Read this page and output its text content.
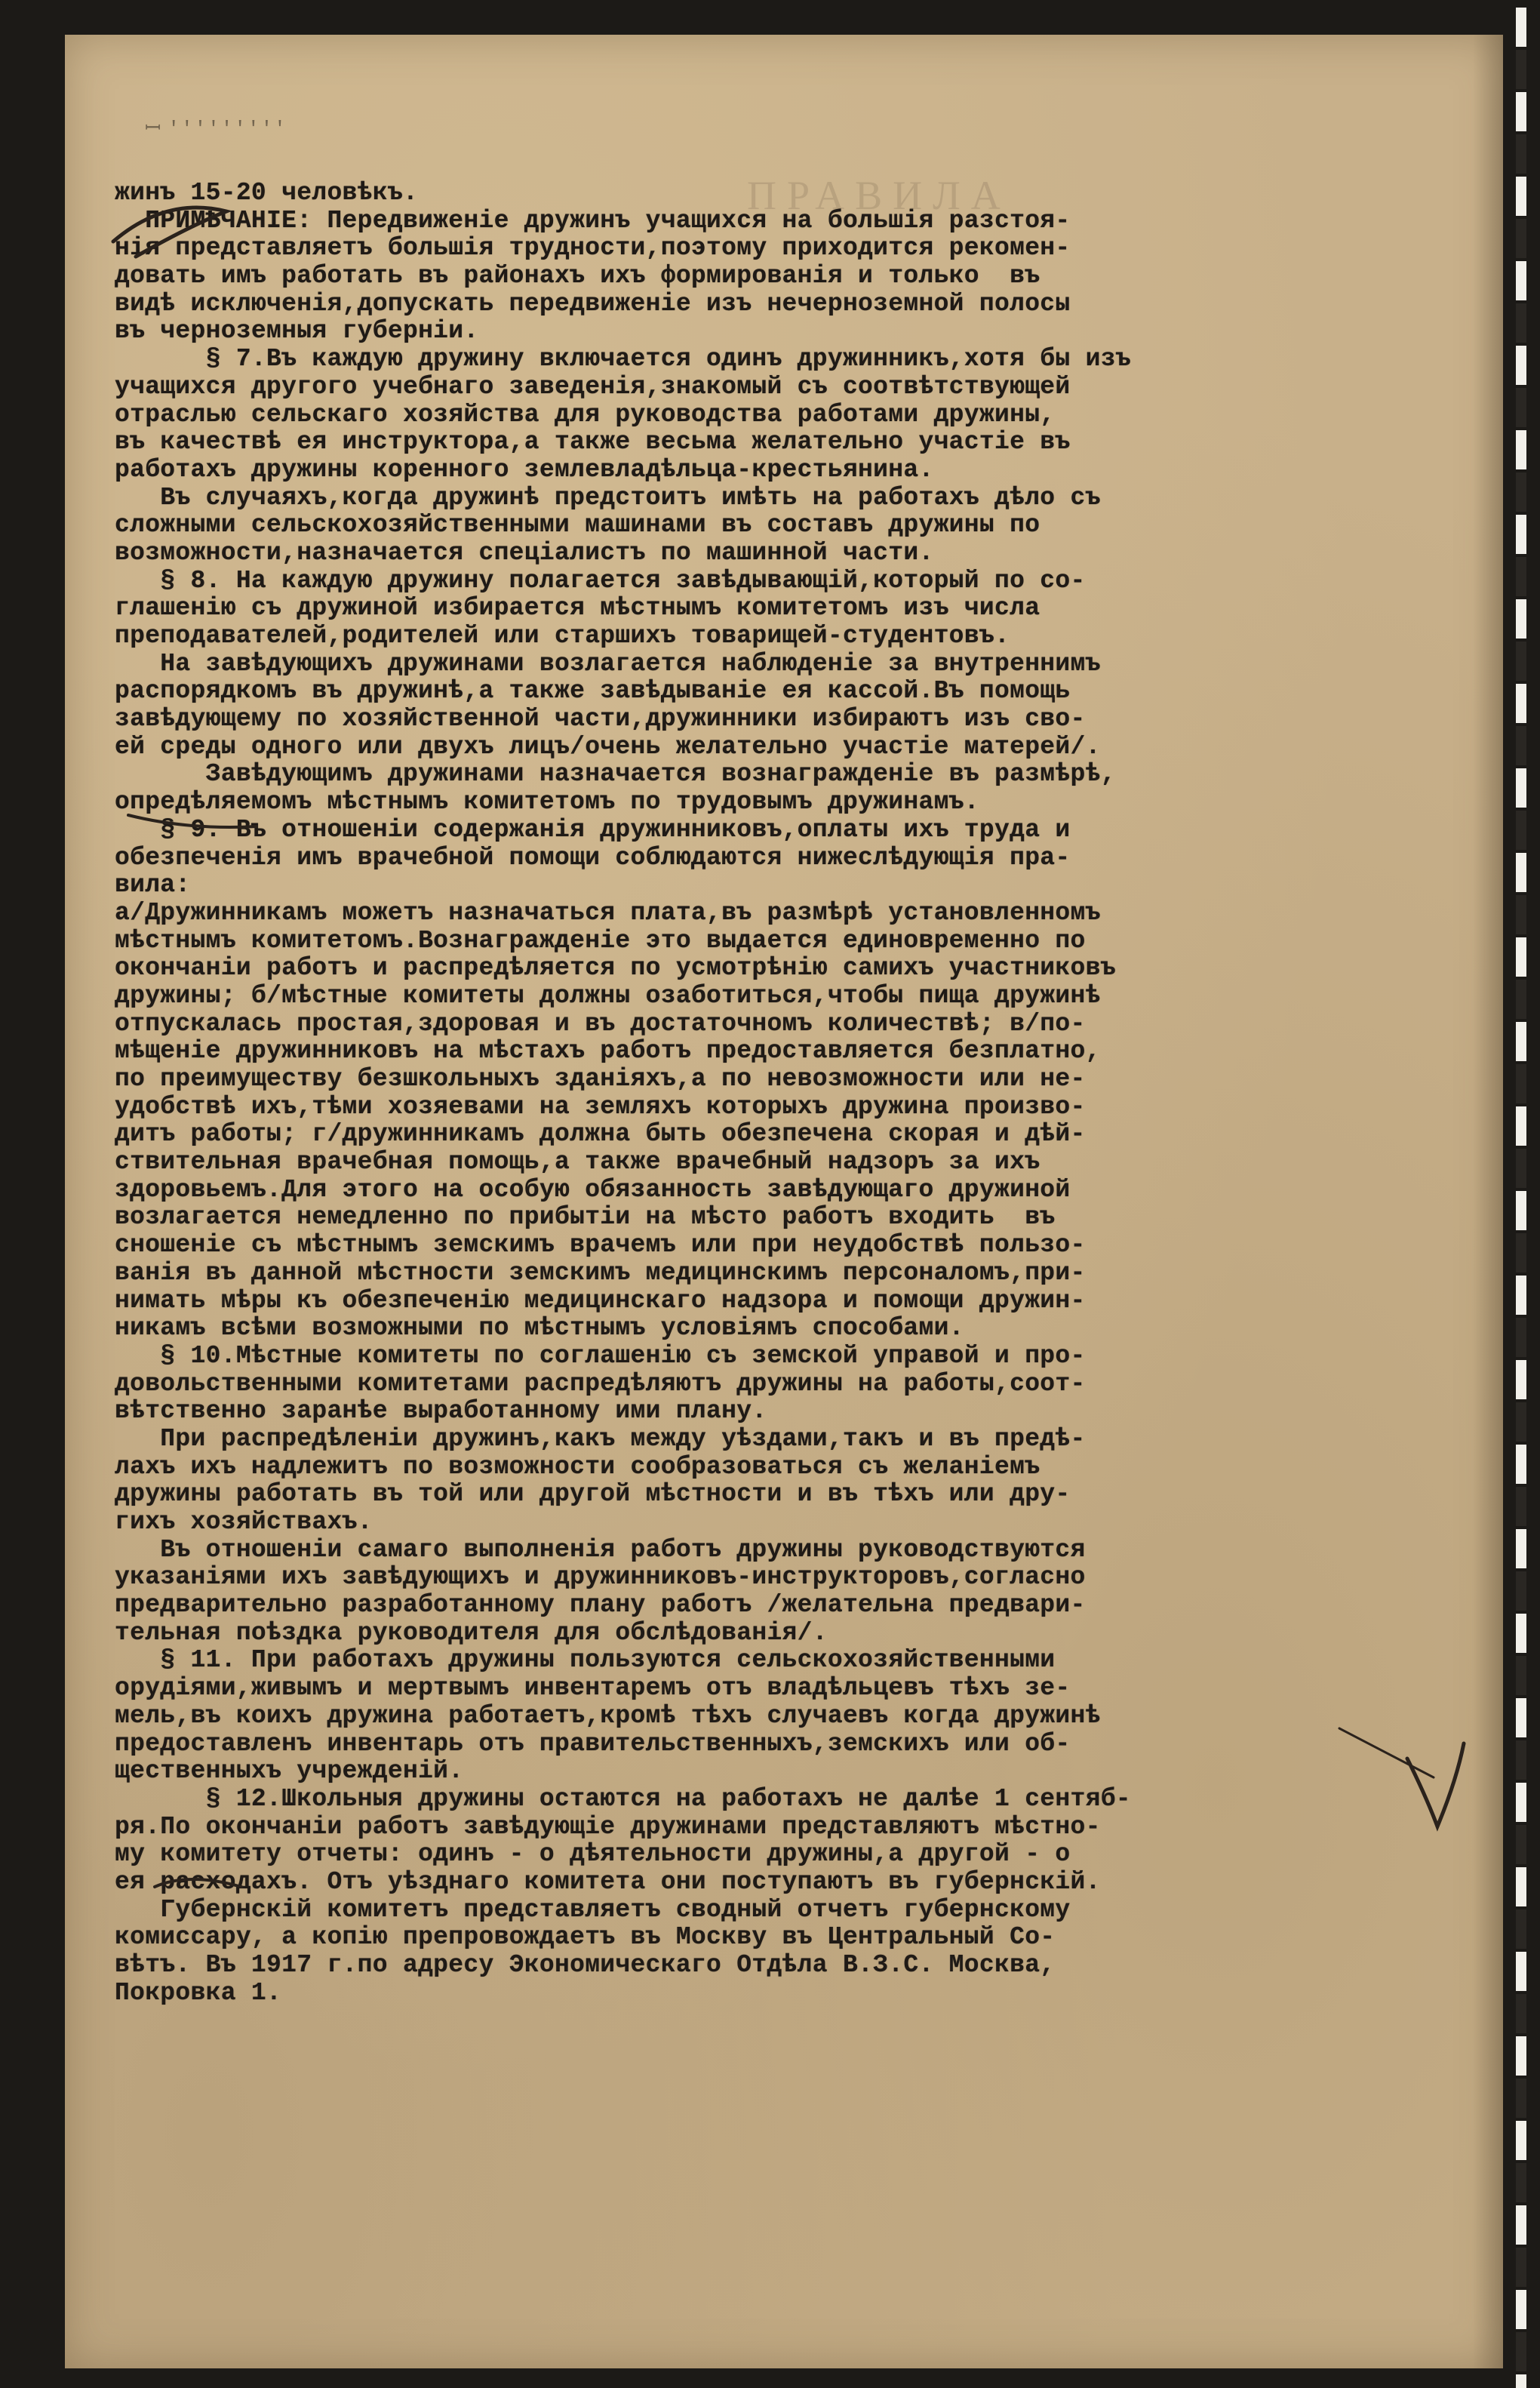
ꟷ​ '''''''''
ПРАВИЛА
жинъ 15-20 человѣкъ.
ПРИМѢЧАНІЕ: Передвиженіе дружинъ учащихся на большія разстоя-
нія представляетъ большія трудности,поэтому приходится рекомен-
довать имъ работать въ районахъ ихъ формированія и только  въ
видѣ исключенія,допускать передвиженіе изъ нечерноземной полосы
въ черноземныя губерніи.
§ 7.Въ каждую дружину включается одинъ дружинникъ,хотя бы изъ
учащихся другого учебнаго заведенія,знакомый съ соотвѣтствующей
отраслью сельскаго хозяйства для руководства работами дружины,
въ качествѣ ея инструктора,а также весьма желательно участіе въ
работахъ дружины коренного землевладѣльца-крестьянина.
Въ случаяхъ,когда дружинѣ предстоитъ имѣть на работахъ дѣло съ
сложными сельскохозяйственными машинами въ составъ дружины по
возможности,назначается спеціалистъ по машинной части.
§ 8. На каждую дружину полагается завѣдывающій,который по со-
глашенію съ дружиной избирается мѣстнымъ комитетомъ изъ числа
преподавателей,родителей или старшихъ товарищей-студентовъ.
На завѣдующихъ дружинами возлагается наблюденіе за внутреннимъ
распорядкомъ въ дружинѣ,а также завѣдываніе ея кассой.Въ помощь
завѣдующему по хозяйственной части,дружинники избираютъ изъ сво-
ей среды одного или двухъ лицъ/очень желательно участіе матерей/.
Завѣдующимъ дружинами назначается вознагражденіе въ размѣрѣ,
опредѣляемомъ мѣстнымъ комитетомъ по трудовымъ дружинамъ.
§ 9. Въ отношеніи содержанія дружинниковъ,оплаты ихъ труда и
обезпеченія имъ врачебной помощи соблюдаются нижеслѣдующія пра-
вила:
а/Дружинникамъ можетъ назначаться плата,въ размѣрѣ установленномъ
мѣстнымъ комитетомъ.Вознагражденіе это выдается единовременно по
окончаніи работъ и распредѣляется по усмотрѣнію самихъ участниковъ
дружины; б/мѣстные комитеты должны озаботиться,чтобы пища дружинѣ
отпускалась простая,здоровая и въ достаточномъ количествѣ; в/по-
мѣщеніе дружинниковъ на мѣстахъ работъ предоставляется безплатно,
по преимуществу безшкольныхъ зданіяхъ,а по невозможности или не-
удобствѣ ихъ,тѣми хозяевами на земляхъ которыхъ дружина произво-
дитъ работы; г/дружинникамъ должна быть обезпечена скорая и дѣй-
ствительная врачебная помощь,а также врачебный надзоръ за ихъ
здоровьемъ.Для этого на особую обязанность завѣдующаго дружиной
возлагается немедленно по прибытіи на мѣсто работъ входить  въ
сношеніе съ мѣстнымъ земскимъ врачемъ или при неудобствѣ пользо-
ванія въ данной мѣстности земскимъ медицинскимъ персоналомъ,при-
нимать мѣры къ обезпеченію медицинскаго надзора и помощи дружин-
никамъ всѣми возможными по мѣстнымъ условіямъ способами.
§ 10.Мѣстные комитеты по соглашенію съ земской управой и про-
довольственными комитетами распредѣляютъ дружины на работы,соот-
вѣтственно заранѣе выработанному ими плану.
При распредѣленіи дружинъ,какъ между уѣздами,такъ и въ предѣ-
лахъ ихъ надлежитъ по возможности сообразоваться съ желаніемъ
дружины работать въ той или другой мѣстности и въ тѣхъ или дру-
гихъ хозяйствахъ.
Въ отношеніи самаго выполненія работъ дружины руководствуются
указаніями ихъ завѣдующихъ и дружинниковъ-инструкторовъ,согласно
предварительно разработанному плану работъ /желательна предвари-
тельная поѣздка руководителя для обслѣдованія/.
§ 11. При работахъ дружины пользуются сельскохозяйственными
орудіями,живымъ и мертвымъ инвентаремъ отъ владѣльцевъ тѣхъ зе-
мель,въ коихъ дружина работаетъ,кромѣ тѣхъ случаевъ когда дружинѣ
предоставленъ инвентарь отъ правительственныхъ,земскихъ или об-
щественныхъ учрежденій.
§ 12.Школьныя дружины остаются на работахъ не далѣе 1 сентяб-
ря.По окончаніи работъ завѣдующіе дружинами представляютъ мѣстно-
му комитету отчеты: одинъ - о дѣятельности дружины,а другой - о
ея расходахъ. Отъ уѣзднаго комитета они поступаютъ въ губернскій.
Губернскій комитетъ представляетъ сводный отчетъ губернскому
комиссару, а копію препровождаетъ въ Москву въ Центральный Со-
вѣтъ. Въ 1917 г.по адресу Экономическаго Отдѣла В.З.С. Москва,
Покровка 1.
